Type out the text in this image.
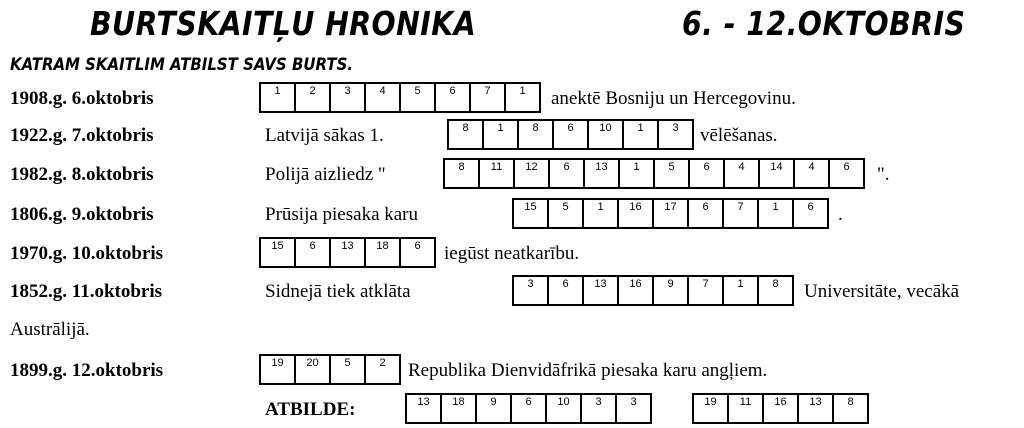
BURTSKAITĻU HRONIKA	6. - 12.OKTOBRIS
KATRAM SKAITLIM ATBILST SAVS BURTS.
1908.g. 6.oktobris	1	2	3	4	5	6	7	1	anektē Bosniju un Hercegovinu.
1922.g. 7.oktobris	Latvijā sākas 1.	8	1	8	6	10	1	3	vēlēšanas.
1982.g. 8.oktobris	Polijā aizliedz "	8	11	12	6	13	1	5	6	4	14	4	6	".
1806.g. 9.oktobris	Prūsija piesaka karu	15	5	1	16	17	6	7	1	6	.
1970.g. 10.oktobris	15	6	13	18	6	iegūst neatkarību.
1852.g. 11.oktobris	Sidnejā tiek atklāta	3	6	13	16	9	7	1	8	Universitāte, vecākā
Austrālijā.
1899.g. 12.oktobris	19	20	5	2	Republika Dienvidāfrikā piesaka karu angļiem.
ATBILDE:	13	18	9	6	10	3	3	19	11	16	13	8
